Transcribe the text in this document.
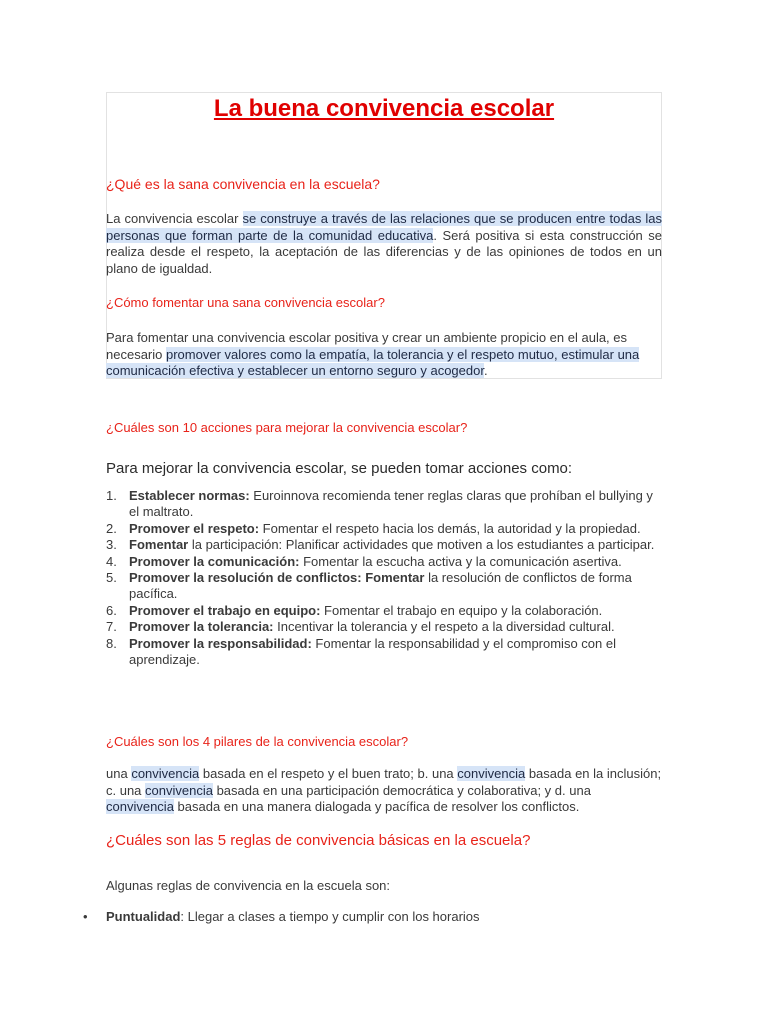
La buena convivencia escolar
¿Qué es la sana convivencia en la escuela?

La convivencia escolar se construye a través de las relaciones que se producen entre todas las personas que forman parte de la comunidad educativa. Será positiva si esta construcción se realiza desde el respeto, la aceptación de las diferencias y de las opiniones de todos en un plano de igualdad.

¿Cómo fomentar una sana convivencia escolar?

Para fomentar una convivencia escolar positiva y crear un ambiente propicio en el aula, es necesario promover valores como la empatía, la tolerancia y el respeto mutuo, estimular una comunicación efectiva y establecer un entorno seguro y acogedor.

¿Cuáles son 10 acciones para mejorar la convivencia escolar?

Para mejorar la convivencia escolar, se pueden tomar acciones como:

1. Establecer normas: Euroinnova recomienda tener reglas claras que prohíban el bullying y el maltrato.
2. Promover el respeto: Fomentar el respeto hacia los demás, la autoridad y la propiedad.
3. Fomentar la participación: Planificar actividades que motiven a los estudiantes a participar.
4. Promover la comunicación: Fomentar la escucha activa y la comunicación asertiva.
5. Promover la resolución de conflictos: Fomentar la resolución de conflictos de forma pacífica.
6. Promover el trabajo en equipo: Fomentar el trabajo en equipo y la colaboración.
7. Promover la tolerancia: Incentivar la tolerancia y el respeto a la diversidad cultural.
8. Promover la responsabilidad: Fomentar la responsabilidad y el compromiso con el aprendizaje.
¿Cuáles son los 4 pilares de la convivencia escolar?

una convivencia basada en el respeto y el buen trato; b. una convivencia basada en la inclusión; c. una convivencia basada en una participación democrática y colaborativa; y d. una convivencia basada en una manera dialogada y pacífica de resolver los conflictos.

¿Cuáles son las 5 reglas de convivencia básicas en la escuela?

Algunas reglas de convivencia en la escuela son:

• Puntualidad: Llegar a clases a tiempo y cumplir con los horarios
